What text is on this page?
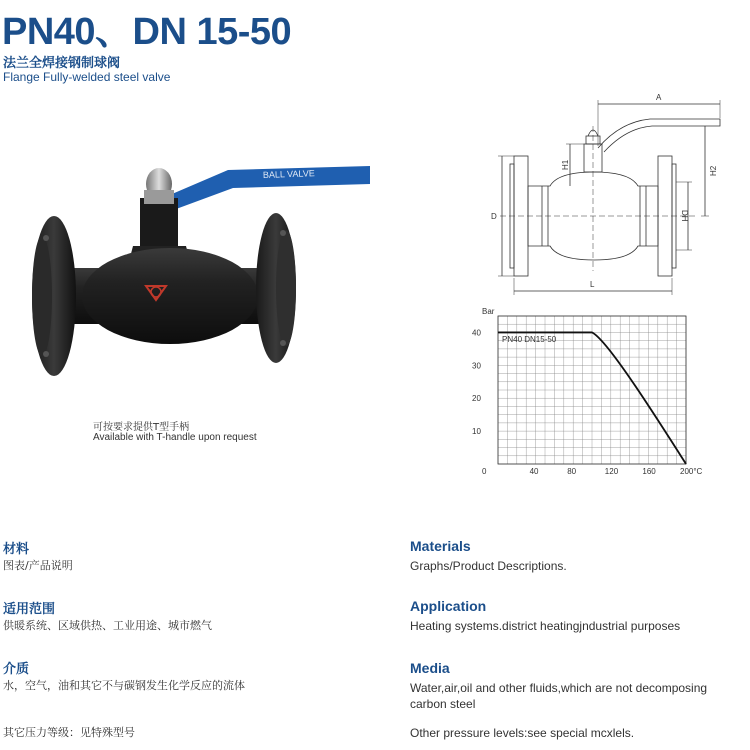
PN40、DN 15-50
法兰全焊接钢制球阀
Flange Fully-welded steel valve
BALL VALVE
可按要求提供T型手柄
Available with T-handle upon request
A
D
H1
DH
H2
L
Bar
PN40 DN15-50
10
20
30
40
0	40	80	120	160	200°C
材料
图表/产品说明
适用范围
供暖系统、区域供热、工业用途、城市燃气
介质
水，空气，油和其它不与碳钢发生化学反应的流体
其它压力等级：见特殊型号
Materials
Graphs/Product Descriptions.
Application
Heating systems.district heatingjndustrial purposes
Media
Water,air,oil and other fluids,which are not decomposing
carbon steel
Other pressure levels:see special mcxlels.
